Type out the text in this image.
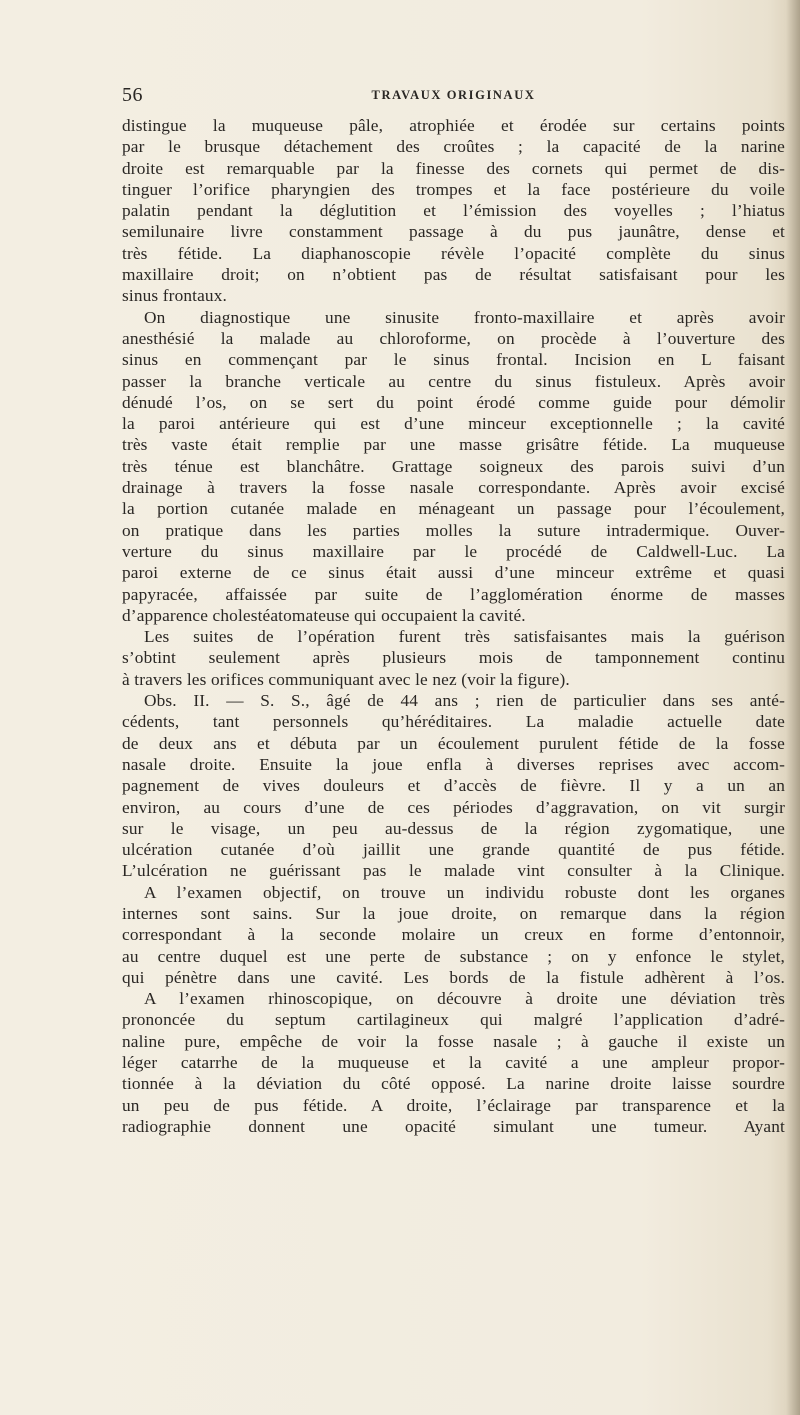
56	TRAVAUX ORIGINAUX
distingue la muqueuse pâle, atrophiée et érodée sur certains points
par le brusque détachement des croûtes ; la capacité de la narine
droite est remarquable par la finesse des cornets qui permet de dis-
tinguer l’orifice pharyngien des trompes et la face postérieure du voile
palatin pendant la déglutition et l’émission des voyelles ; l’hiatus
semilunaire livre constamment passage à du pus jaunâtre, dense et
très fétide. La diaphanoscopie révèle l’opacité complète du sinus
maxillaire droit; on n’obtient pas de résultat satisfaisant pour les
sinus frontaux.
On diagnostique une sinusite fronto-maxillaire et après avoir
anesthésié la malade au chloroforme, on procède à l’ouverture des
sinus en commençant par le sinus frontal. Incision en L faisant
passer la branche verticale au centre du sinus fistuleux. Après avoir
dénudé l’os, on se sert du point érodé comme guide pour démolir
la paroi antérieure qui est d’une minceur exceptionnelle ; la cavité
très vaste était remplie par une masse grisâtre fétide. La muqueuse
très ténue est blanchâtre. Grattage soigneux des parois suivi d’un
drainage à travers la fosse nasale correspondante. Après avoir excisé
la portion cutanée malade en ménageant un passage pour l’écoulement,
on pratique dans les parties molles la suture intradermique. Ouver-
verture du sinus maxillaire par le procédé de Caldwell-Luc. La
paroi externe de ce sinus était aussi d’une minceur extrême et quasi
papyracée, affaissée par suite de l’agglomération énorme de masses
d’apparence cholestéatomateuse qui occupaient la cavité.
Les suites de l’opération furent très satisfaisantes mais la guérison
s’obtint seulement après plusieurs mois de tamponnement continu
à travers les orifices communiquant avec le nez (voir la figure).
Obs. II. — S. S., âgé de 44 ans ; rien de particulier dans ses anté-
cédents, tant personnels qu’héréditaires. La maladie actuelle date
de deux ans et débuta par un écoulement purulent fétide de la fosse
nasale droite. Ensuite la joue enfla à diverses reprises avec accom-
pagnement de vives douleurs et d’accès de fièvre. Il y a un an
environ, au cours d’une de ces périodes d’aggravation, on vit surgir
sur le visage, un peu au-dessus de la région zygomatique, une
ulcération cutanée d’où jaillit une grande quantité de pus fétide.
L’ulcération ne guérissant pas le malade vint consulter à la Clinique.
A l’examen objectif, on trouve un individu robuste dont les organes
internes sont sains. Sur la joue droite, on remarque dans la région
correspondant à la seconde molaire un creux en forme d’entonnoir,
au centre duquel est une perte de substance ; on y enfonce le stylet,
qui pénètre dans une cavité. Les bords de la fistule adhèrent à l’os.
A l’examen rhinoscopique, on découvre à droite une déviation très
prononcée du septum cartilagineux qui malgré l’application d’adré-
naline pure, empêche de voir la fosse nasale ; à gauche il existe un
léger catarrhe de la muqueuse et la cavité a une ampleur propor-
tionnée à la déviation du côté opposé. La narine droite laisse sourdre
un peu de pus fétide. A droite, l’éclairage par transparence et la
radiographie donnent une opacité simulant une tumeur. Ayant
